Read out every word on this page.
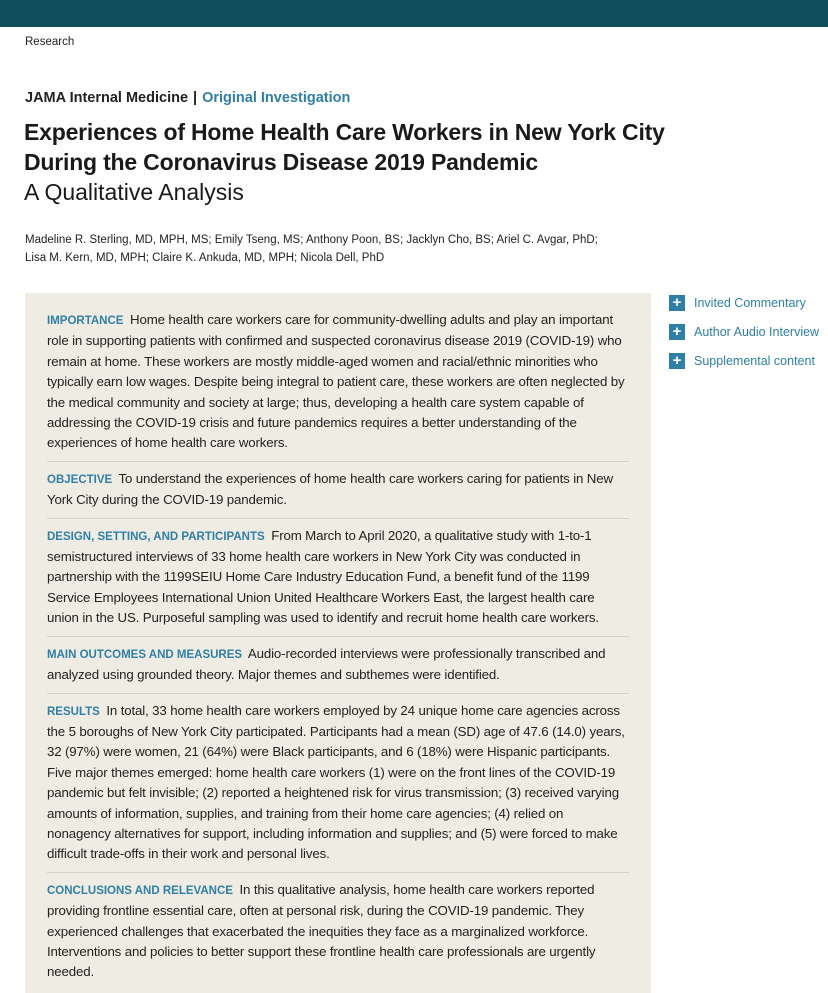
Research
JAMA Internal Medicine | Original Investigation
Experiences of Home Health Care Workers in New York City
During the Coronavirus Disease 2019 Pandemic
A Qualitative Analysis
Madeline R. Sterling, MD, MPH, MS; Emily Tseng, MS; Anthony Poon, BS; Jacklyn Cho, BS; Ariel C. Avgar, PhD;
Lisa M. Kern, MD, MPH; Claire K. Ankuda, MD, MPH; Nicola Dell, PhD

IMPORTANCE Home health care workers care for community-dwelling adults and play an important role in supporting patients with confirmed and suspected coronavirus disease 2019 (COVID-19) who remain at home. These workers are mostly middle-aged women and racial/ethnic minorities who typically earn low wages. Despite being integral to patient care, these workers are often neglected by the medical community and society at large; thus, developing a health care system capable of addressing the COVID-19 crisis and future pandemics requires a better understanding of the experiences of home health care workers.

OBJECTIVE To understand the experiences of home health care workers caring for patients in New York City during the COVID-19 pandemic.

DESIGN, SETTING, AND PARTICIPANTS From March to April 2020, a qualitative study with 1-to-1 semistructured interviews of 33 home health care workers in New York City was conducted in partnership with the 1199SEIU Home Care Industry Education Fund, a benefit fund of the 1199 Service Employees International Union United Healthcare Workers East, the largest health care union in the US. Purposeful sampling was used to identify and recruit home health care workers.

MAIN OUTCOMES AND MEASURES Audio-recorded interviews were professionally transcribed and analyzed using grounded theory. Major themes and subthemes were identified.

RESULTS In total, 33 home health care workers employed by 24 unique home care agencies across the 5 boroughs of New York City participated. Participants had a mean (SD) age of 47.6 (14.0) years, 32 (97%) were women, 21 (64%) were Black participants, and 6 (18%) were Hispanic participants. Five major themes emerged: home health care workers (1) were on the front lines of the COVID-19 pandemic but felt invisible; (2) reported a heightened risk for virus transmission; (3) received varying amounts of information, supplies, and training from their home care agencies; (4) relied on nonagency alternatives for support, including information and supplies; and (5) were forced to make difficult trade-offs in their work and personal lives.

CONCLUSIONS AND RELEVANCE In this qualitative analysis, home health care workers reported providing frontline essential care, often at personal risk, during the COVID-19 pandemic. They experienced challenges that exacerbated the inequities they face as a marginalized workforce. Interventions and policies to better support these frontline health care professionals are urgently needed.

+ Invited Commentary
+ Author Audio Interview
+ Supplemental content
